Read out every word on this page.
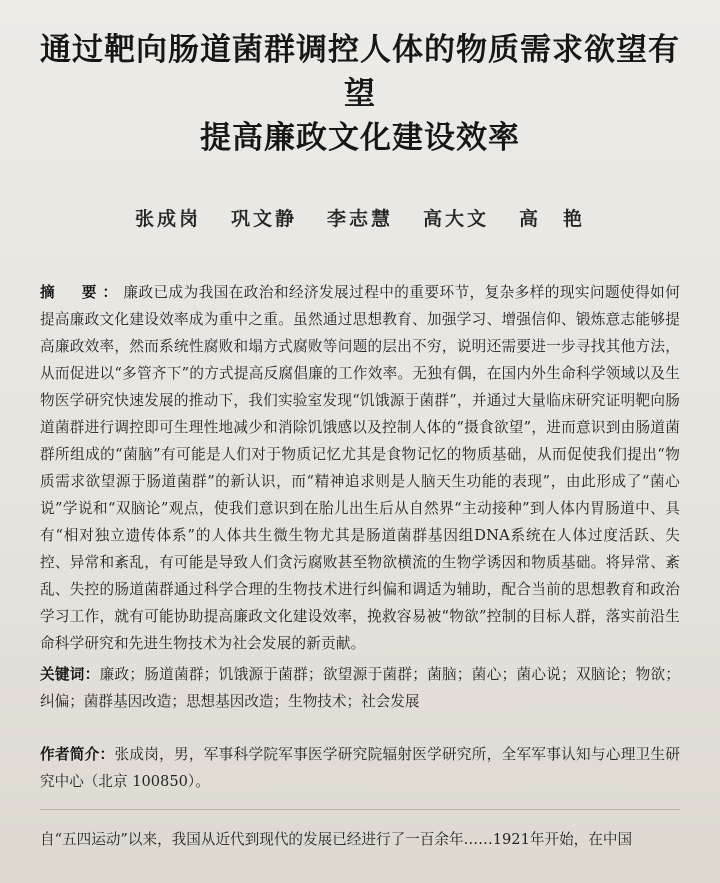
通过靶向肠道菌群调控人体的物质需求欲望有望
提高廉政文化建设效率
张成岗 巩文静 李志慧 高大文 高　艳
摘　要：廉政已成为我国在政治和经济发展过程中的重要环节，复杂多样的现实问题使得如何提高廉政文化建设效率成为重中之重。虽然通过思想教育、加强学习、增强信仰、锻炼意志能够提高廉政效率，然而系统性腐败和塌方式腐败等问题的层出不穷，说明还需要进一步寻找其他方法，从而促进以“多管齐下”的方式提高反腐倡廉的工作效率。无独有偶，在国内外生命科学领域以及生物医学研究快速发展的推动下，我们实验室发现“饥饿源于菌群”，并通过大量临床研究证明靶向肠道菌群进行调控即可生理性地减少和消除饥饿感以及控制人体的“摄食欲望”，进而意识到由肠道菌群所组成的“菌脑”有可能是人们对于物质记忆尤其是食物记忆的物质基础，从而促使我们提出“物质需求欲望源于肠道菌群”的新认识，而“精神追求则是人脑天生功能的表现”，由此形成了“菌心说”学说和“双脑论”观点，使我们意识到在胎儿出生后从自然界“主动接种”到人体内胃肠道中、具有“相对独立遗传体系”的人体共生微生物尤其是肠道菌群基因组DNA系统在人体过度活跃、失控、异常和紊乱，有可能是导致人们贪污腐败甚至物欲横流的生物学诱因和物质基础。将异常、紊乱、失控的肠道菌群通过科学合理的生物技术进行纠偏和调适为辅助，配合当前的思想教育和政治学习工作，就有可能协助提高廉政文化建设效率，挽救容易被“物欲”控制的目标人群，落实前沿生命科学研究和先进生物技术为社会发展的新贡献。
关键词：廉政；肠道菌群；饥饿源于菌群；欲望源于菌群；菌脑；菌心；菌心说；双脑论；物欲；纠偏；菌群基因改造；思想基因改造；生物技术；社会发展
作者简介：张成岗，男，军事科学院军事医学研究院辐射医学研究所，全军军事认知与心理卫生研究中心（北京 100850）。
自“五四运动”以来，我国从近代到现代的发展已经进行了一百余年……1921年开始，在中国
